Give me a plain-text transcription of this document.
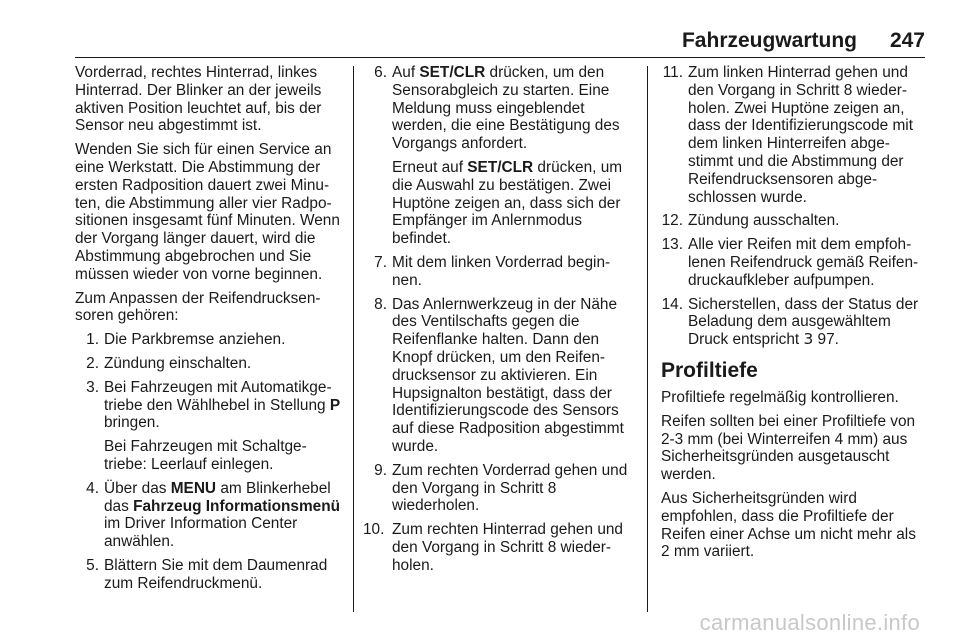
Fahrzeugwartung 247

Vorderrad, rechtes Hinterrad, linkes Hinterrad. Der Blinker an der jeweils aktiven Position leuchtet auf, bis der Sensor neu abgestimmt ist.

Wenden Sie sich für einen Service an eine Werkstatt. Die Abstimmung der ersten Radposition dauert zwei Minuten, die Abstimmung aller vier Radpositionen insgesamt fünf Minuten. Wenn der Vorgang länger dauert, wird die Abstimmung abgebrochen und Sie müssen wieder von vorne beginnen.

Zum Anpassen der Reifendrucksensoren gehören:

1. Die Parkbremse anziehen.
2. Zündung einschalten.
3. Bei Fahrzeugen mit Automatikgetriebe den Wählhebel in Stellung P bringen.

Bei Fahrzeugen mit Schaltgetriebe: Leerlauf einlegen.

4. Über das MENU am Blinkerhebel das Fahrzeug Informationsmenü im Driver Information Center anwählen.
5. Blättern Sie mit dem Daumenrad zum Reifendruckmenü.
6. Auf SET/CLR drücken, um den Sensorabgleich zu starten. Eine Meldung muss eingeblendet werden, die eine Bestätigung des Vorgangs anfordert.

Erneut auf SET/CLR drücken, um die Auswahl zu bestätigen. Zwei Huptöne zeigen an, dass sich der Empfänger im Anlernmodus befindet.

7. Mit dem linken Vorderrad beginnen.
8. Das Anlernwerkzeug in der Nähe des Ventilschafts gegen die Reifenflanke halten. Dann den Knopf drücken, um den Reifendrucksensor zu aktivieren. Ein Hupsignalton bestätigt, dass der Identifizierungscode des Sensors auf diese Radposition abgestimmt wurde.
9. Zum rechten Vorderrad gehen und den Vorgang in Schritt 8 wiederholen.
10. Zum rechten Hinterrad gehen und den Vorgang in Schritt 8 wiederholen.
11. Zum linken Hinterrad gehen und den Vorgang in Schritt 8 wiederholen. Zwei Huptöne zeigen an, dass der Identifizierungscode mit dem linken Hinterreifen abgestimmt und die Abstimmung der Reifendrucksensoren abgeschlossen wurde.
12. Zündung ausschalten.
13. Alle vier Reifen mit dem empfohlenen Reifendruck gemäß Reifendruckaufkleber aufpumpen.
14. Sicherstellen, dass der Status der Beladung dem ausgewähltem Druck entspricht 3 97.
Profiltiefe

Profiltiefe regelmäßig kontrollieren.

Reifen sollten bei einer Profiltiefe von 2-3 mm (bei Winterreifen 4 mm) aus Sicherheitsgründen ausgetauscht werden.

Aus Sicherheitsgründen wird empfohlen, dass die Profiltiefe der Reifen einer Achse um nicht mehr als 2 mm variiert.

carmanualsonline.info
